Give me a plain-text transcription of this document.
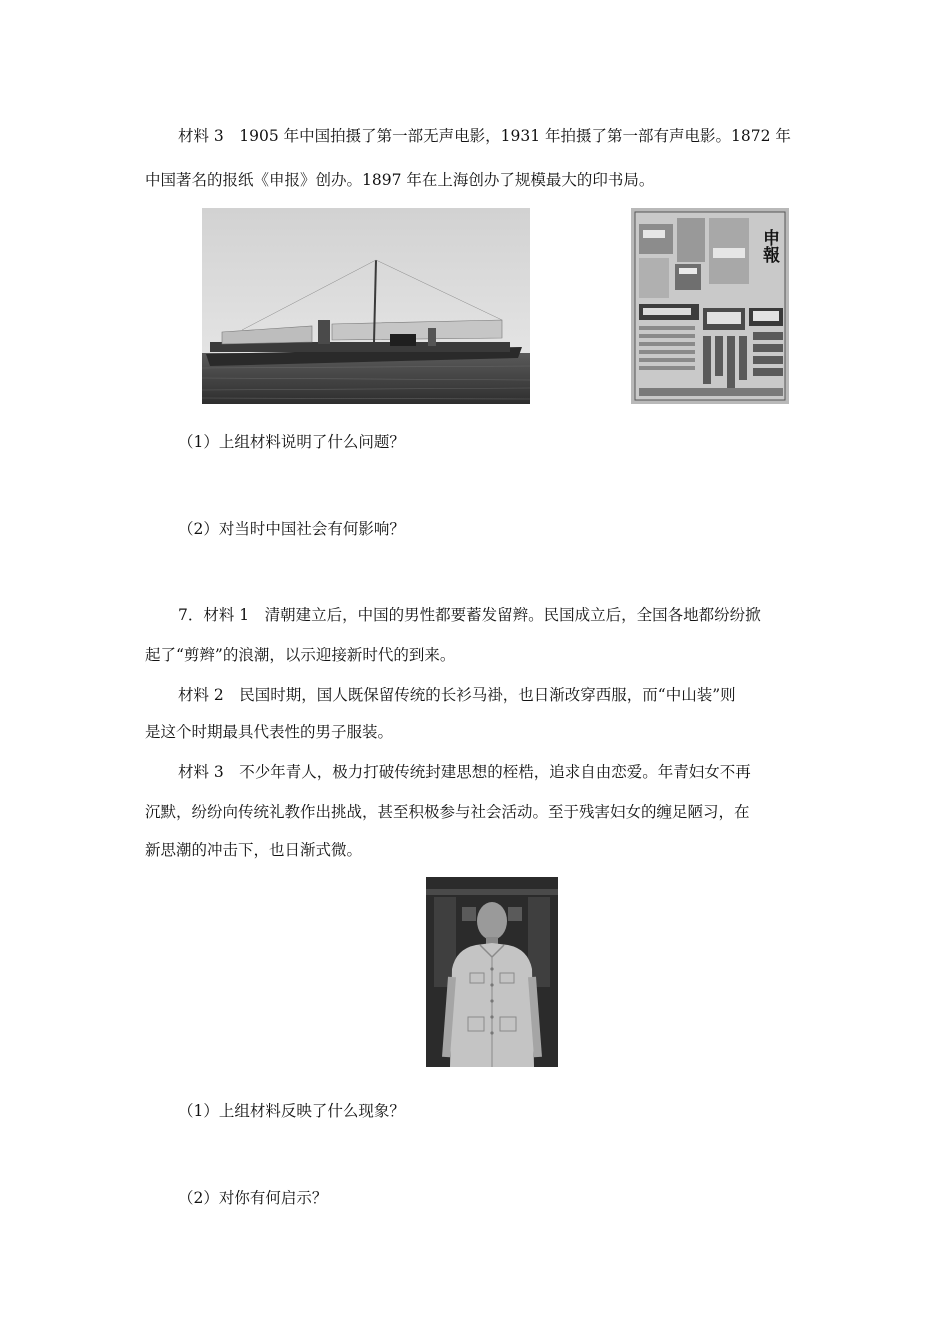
材料 3　1905 年中国拍摄了第一部无声电影，1931 年拍摄了第一部有声电影。1872 年
中国著名的报纸《申报》创办。1897 年在上海创办了规模最大的印书局。
申報
（1）上组材料说明了什么问题？
（2）对当时中国社会有何影响？
7．材料 1　清朝建立后，中国的男性都要蓄发留辫。民国成立后，全国各地都纷纷掀
起了“剪辫”的浪潮，以示迎接新时代的到来。
材料 2　民国时期，国人既保留传统的长衫马褂，也日渐改穿西服，而“中山装”则
是这个时期最具代表性的男子服装。
材料 3　不少年青人，极力打破传统封建思想的桎梏，追求自由恋爱。年青妇女不再
沉默，纷纷向传统礼教作出挑战，甚至积极参与社会活动。至于残害妇女的缠足陋习，在
新思潮的冲击下，也日渐式微。
（1）上组材料反映了什么现象？
（2）对你有何启示？
